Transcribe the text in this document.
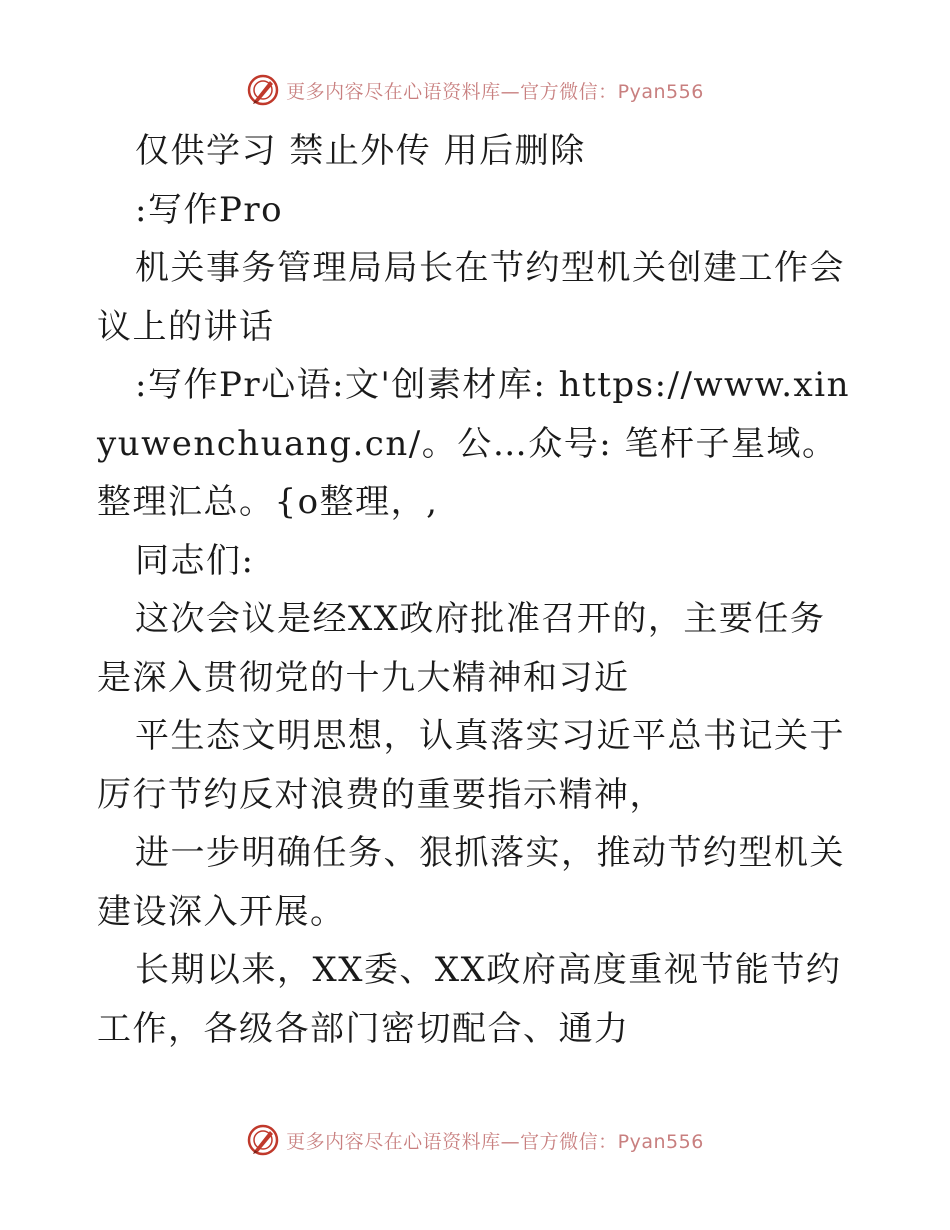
更多内容尽在心语资料库—官方微信：Pyan556

仅供学习 禁止外传 用后删除

:写作Pro

机关事务管理局局长在节约型机关创建工作会议上的讲话

:写作Pr心语:文'创素材库: https://www.xinyuwenchuang.cn/。公…众号: 笔杆子星域。整理汇总。{o整理，,

同志们:

这次会议是经XX政府批准召开的，主要任务是深入贯彻党的十九大精神和习近

平生态文明思想，认真落实习近平总书记关于厉行节约反对浪费的重要指示精神，

进一步明确任务、狠抓落实，推动节约型机关建设深入开展。

长期以来，XX委、XX政府高度重视节能节约工作，各级各部门密切配合、通力

更多内容尽在心语资料库—官方微信：Pyan556
